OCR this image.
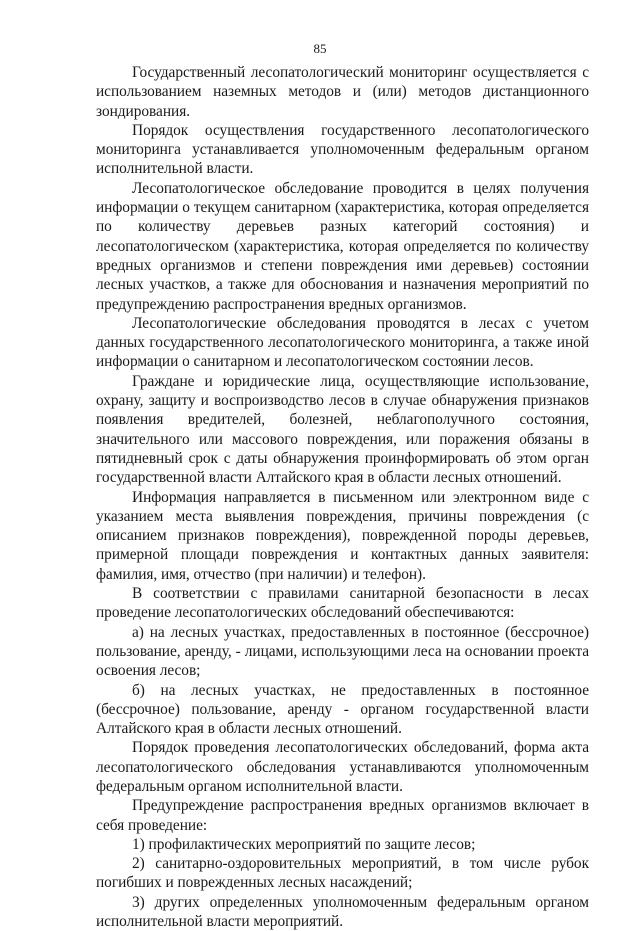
85

Государственный лесопатологический мониторинг осуществляется с использованием наземных методов и (или) методов дистанционного зондирования.

Порядок осуществления государственного лесопатологического мониторинга устанавливается уполномоченным федеральным органом исполнительной власти.

Лесопатологическое обследование проводится в целях получения информации о текущем санитарном (характеристика, которая определяется по количеству деревьев разных категорий состояния) и лесопатологическом (характеристика, которая определяется по количеству вредных организмов и степени повреждения ими деревьев) состоянии лесных участков, а также для обоснования и назначения мероприятий по предупреждению распространения вредных организмов.

Лесопатологические обследования проводятся в лесах с учетом данных государственного лесопатологического мониторинга, а также иной информации о санитарном и лесопатологическом состоянии лесов.

Граждане и юридические лица, осуществляющие использование, охрану, защиту и воспроизводство лесов в случае обнаружения признаков появления вредителей, болезней, неблагополучного состояния, значительного или массового повреждения, или поражения обязаны в пятидневный срок с даты обнаружения проинформировать об этом орган государственной власти Алтайского края в области лесных отношений.

Информация направляется в письменном или электронном виде с указанием места выявления повреждения, причины повреждения (с описанием признаков повреждения), поврежденной породы деревьев, примерной площади повреждения и контактных данных заявителя: фамилия, имя, отчество (при наличии) и телефон).

В соответствии с правилами санитарной безопасности в лесах проведение лесопатологических обследований обеспечиваются:

а) на лесных участках, предоставленных в постоянное (бессрочное) пользование, аренду, - лицами, использующими леса на основании проекта освоения лесов;

б) на лесных участках, не предоставленных в постоянное (бессрочное) пользование, аренду - органом государственной власти Алтайского края в области лесных отношений.

Порядок проведения лесопатологических обследований, форма акта лесопатологического обследования устанавливаются уполномоченным федеральным органом исполнительной власти.

Предупреждение распространения вредных организмов включает в себя проведение:

1) профилактических мероприятий по защите лесов;

2) санитарно-оздоровительных мероприятий, в том числе рубок погибших и поврежденных лесных насаждений;

3) других определенных уполномоченным федеральным органом исполнительной власти мероприятий.
